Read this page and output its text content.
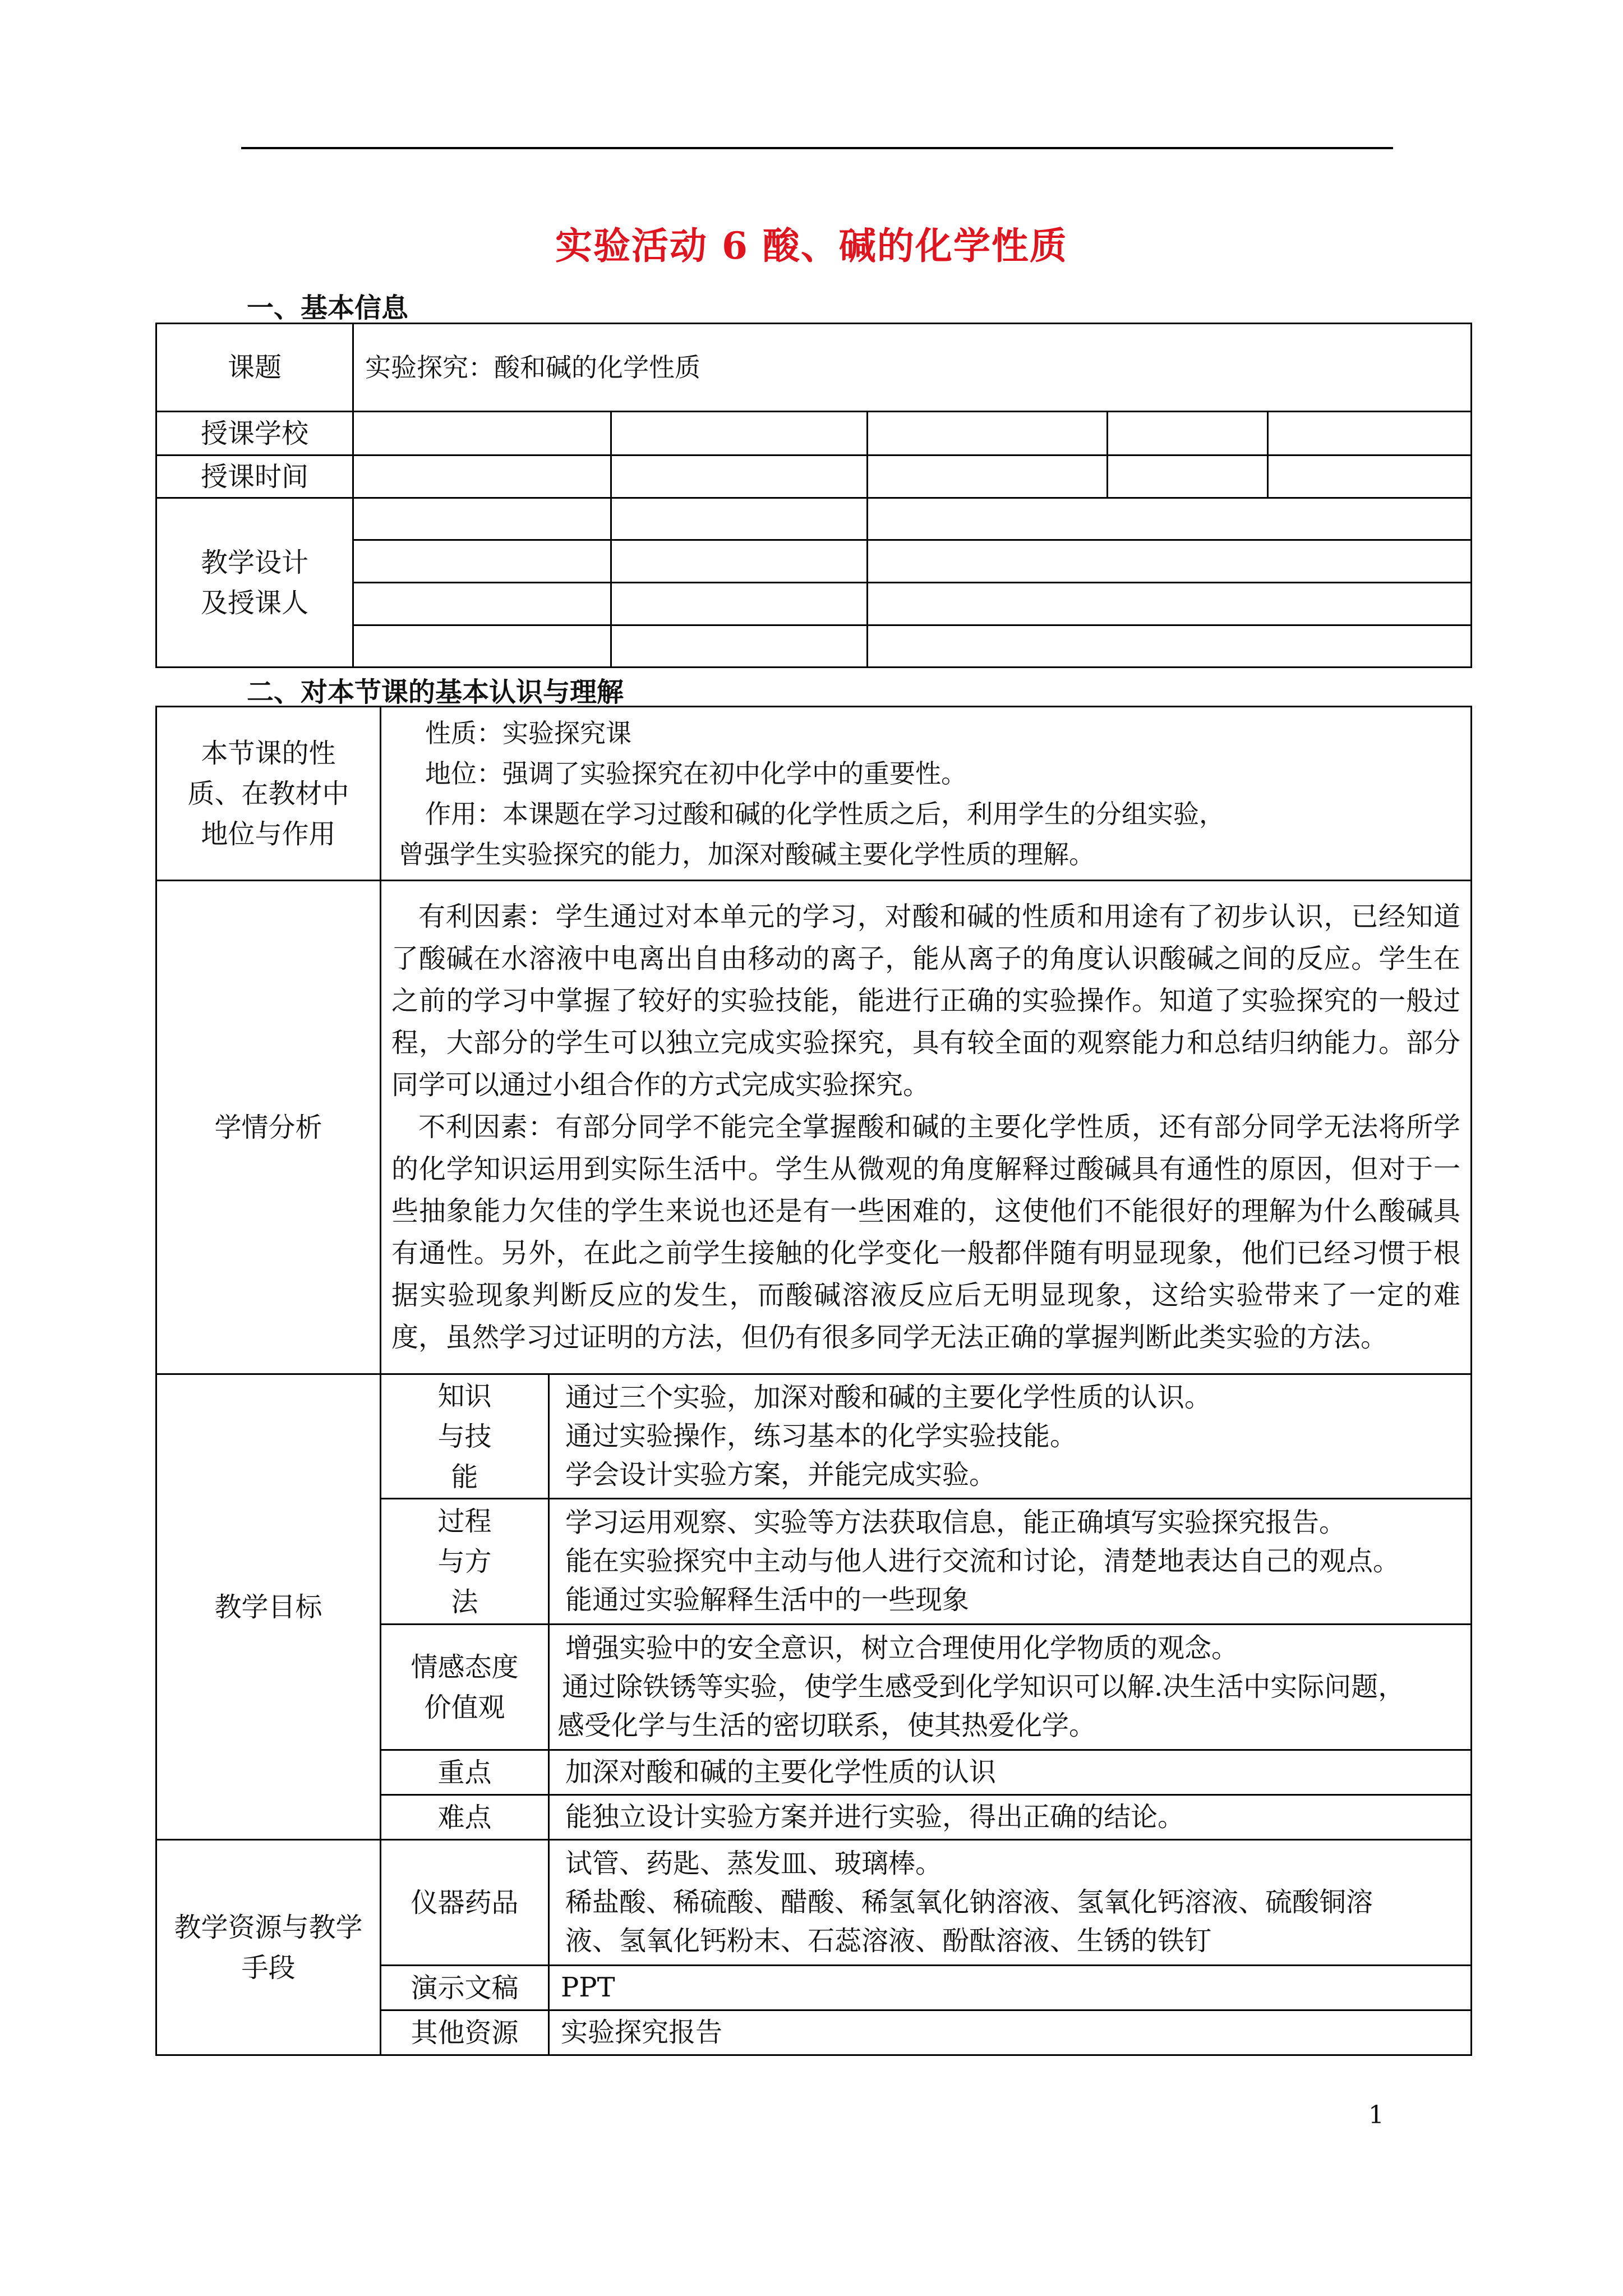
实验活动 6 酸、碱的化学性质
一、基本信息
课题	实验探究：酸和碱的化学性质				
授课学校					
授课时间					

教学设计及授课人					

二、对本节课的基本认识与理解
本节课的性质、在教材中地位与作用	性质：实验探究课
地位：强调了实验探究在初中化学中的重要性。
作用：本课题在学习过酸和碱的化学性质之后，利用学生的分组实验，
曾强学生实验探究的能力，加深对酸碱主要化学性质的理解。	

学情分析	有利因素：学生通过对本单元的学习，对酸和碱的性质和用途有了初步认识，已经知道了酸碱在水溶液中电离出自由移动的离子，能从离子的角度认识酸碱之间的反应。学生在之前的学习中掌握了较好的实验技能，能进行正确的实验操作。知道了实验探究的一般过程，大部分的学生可以独立完成实验探究，具有较全面的观察能力和总结归纳能力。部分同学可以通过小组合作的方式完成实验探究。

不利因素：有部分同学不能完全掌握酸和碱的主要化学性质，还有部分同学无法将所学的化学知识运用到实际生活中。学生从微观的角度解释过酸碱具有通性的原因，但对于一些抽象能力欠佳的学生来说也还是有一些困难的，这使他们不能很好的理解为什么酸碱具有通性。另外，在此之前学生接触的化学变化一般都伴随有明显现象，他们已经习惯于根据实验现象判断反应的发生，而酸碱溶液反应后无明显现象，这给实验带来了一定的难度，虽然学习过证明的方法，但仍有很多同学无法正确的掌握判断此类实验的方法。	

教学目标	知识与技能	通过三个实验，加深对酸和碱的主要化学性质的认识。
通过实验操作，练习基本的化学实验技能。
学会设计实验方案，并能完成实验。

	过程与方法	学习运用观察、实验等方法获取信息，能正确填写实验探究报告。
能在实验探究中主动与他人进行交流和讨论，清楚地表达自己的观点。
能通过实验解释生活中的一些现象

	情感态度价值观	增强实验中的安全意识，树立合理使用化学物质的观念。
通过除铁锈等实验，使学生感受到化学知识可以解.决生活中实际问题，
感受化学与生活的密切联系，使其热爱化学。

	重点	加深对酸和碱的主要化学性质的认识
	难点	能独立设计实验方案并进行实验，得出正确的结论。

教学资源与教学手段	仪器药品	试管、药匙、蒸发皿、玻璃棒。
稀盐酸、稀硫酸、醋酸、稀氢氧化钠溶液、氢氧化钙溶液、硫酸铜溶
液、氢氧化钙粉末、石蕊溶液、酚酞溶液、生锈的铁钉

	演示文稿	PPT
	其他资源	实验探究报告
1
